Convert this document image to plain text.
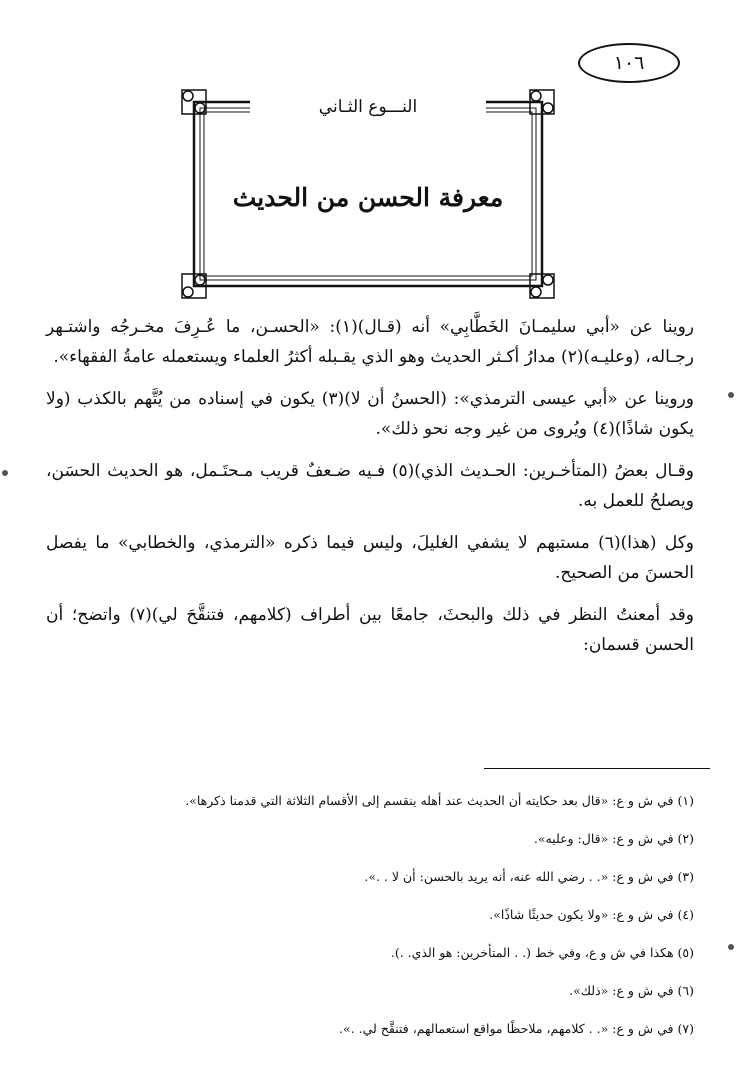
١٠٦
النـــوع الثـاني
معرفة الحسن من الحديث

روينا عن «أبي سليمـانَ الخَطَّابِي» أنه (قـال)(١): «الحسـن، ما عُـرِفَ مخـرجُه واشتـهر رجـاله، (وعليـه)(٢) مدارُ أكـثر الحديث وهو الذي يقـبله أكثرُ العلماء ويستعمله عامةُ الفقهاء».

وروينا عن «أبي عيسى الترمذي»: (الحسنُ أن لا)(٣) يكون في إسناده من يُتَّهم بالكذب (ولا يكون شاذًا)(٤) ويُروى من غير وجه نحو ذلك».

وقـال بعضُ (المتأخـرين: الحـديث الذي)(٥) فـيه ضـعفٌ قريب مـحتَـمل، هو الحديث الحسَن، ويصلحُ للعمل به.

وكل (هذا)(٦) مستبهم لا يشفي الغليلَ، وليس فيما ذكره «الترمذي، والخطابي» ما يفصل الحسنَ من الصحيح.

وقد أمعنتُ النظر في ذلك والبحثَ، جامعًا بين أطراف (كلامهم، فتنقَّحَ لي)(٧) واتضح؛ أن الحسن قسمان:

(١) في ش و ع: «قال بعد حكايته أن الحديث عند أهله ينقسم إلى الأقسام الثلاثة التي قدمنا ذكرها».
(٢) في ش و ع: «قال: وعليه».
(٣) في ش و ع: «. . رضي الله عنه، أنه يريد بالحسن: أن لا . .».
(٤) في ش و ع: «ولا يكون حديثًا شاذًا».
(٥) هكذا في ش و ع، وفي خط (. . المتأخرين: هو الذي. .).
(٦) في ش و ع: «ذلك».
(٧) في ش و ع: «. . كلامهم، ملاحظًا مواقع استعمالهم، فتنقَّح لي. .».
